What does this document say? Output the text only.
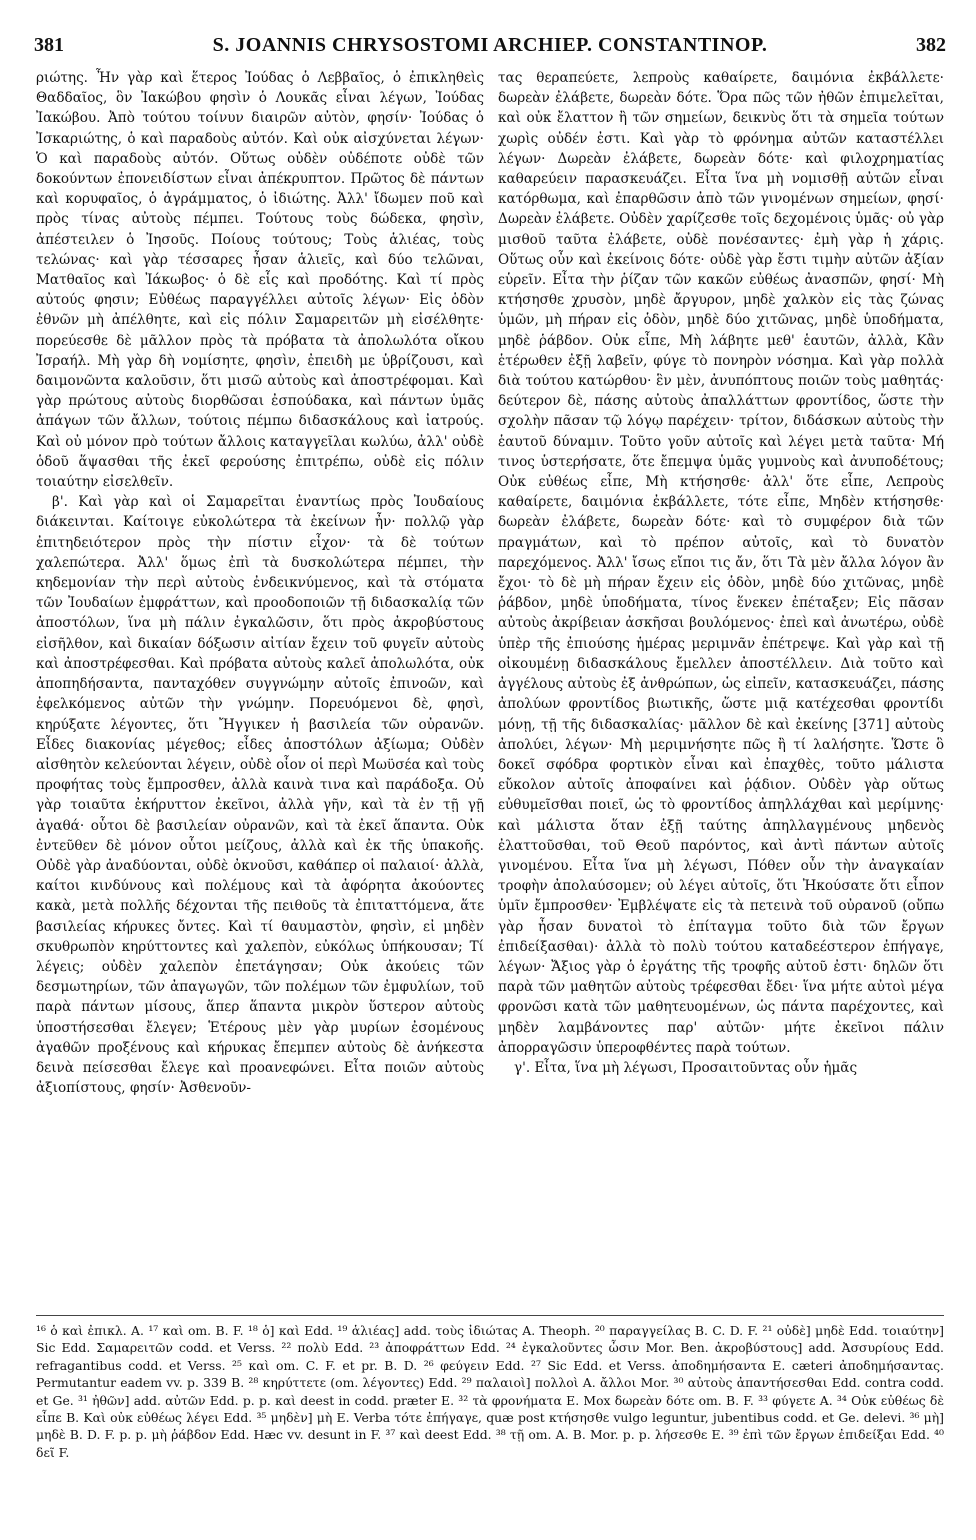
381	S. JOANNIS CHRYSOSTOMI ARCHIEP. CONSTANTINOP.	382

ριώτης. Ἦν γὰρ καὶ ἕτερος Ἰούδας ὁ Λεββαῖος, ὁ ἐπικληθεὶς Θαδδαῖος, ὃν Ἰακώβου φησὶν ὁ Λουκᾶς εἶναι λέγων, Ἰούδας Ἰακώβου. Ἀπὸ τούτου τοίνυν διαιρῶν αὐτὸν, φησίν· Ἰούδας ὁ Ἰσκαριώτης, ὁ καὶ παραδοὺς αὐτόν. Καὶ οὐκ αἰσχύνεται λέγων· Ὁ καὶ παραδοὺς αὐτόν. Οὕτως οὐδὲν οὐδέποτε οὐδὲ τῶν δοκούντων ἐπονειδίστων εἶναι ἀπέκρυπτον. Πρῶτος δὲ πάντων καὶ κορυφαῖος, ὁ ἀγράμματος, ὁ ἰδιώτης. Ἀλλ' ἴδωμεν ποῦ καὶ πρὸς τίνας αὐτοὺς πέμπει. Τούτους τοὺς δώδεκα, φησὶν, ἀπέστειλεν ὁ Ἰησοῦς. Ποίους τούτους; Τοὺς ἁλιέας, τοὺς τελώνας· καὶ γὰρ τέσσαρες ἦσαν ἁλιεῖς, καὶ δύο τελῶναι, Ματθαῖος καὶ Ἰάκωβος· ὁ δὲ εἷς καὶ προδότης. Καὶ τί πρὸς αὐτούς φησιν; Εὐθέως παραγγέλλει αὐτοῖς λέγων· Εἰς ὁδὸν ἐθνῶν μὴ ἀπέλθητε, καὶ εἰς πόλιν Σαμαρειτῶν μὴ εἰσέλθητε· πορεύεσθε δὲ μᾶλλον πρὸς τὰ πρόβατα τὰ ἀπολωλότα οἴκου Ἰσραήλ. Μὴ γὰρ δὴ νομίσητε, φησὶν, ἐπειδὴ με ὑβρίζουσι, καὶ δαιμονῶντα καλοῦσιν, ὅτι μισῶ αὐτοὺς καὶ ἀποστρέφομαι. Καὶ γὰρ πρώτους αὐτοὺς διορθῶσαι ἐσπούδακα, καὶ πάντων ὑμᾶς ἀπάγων τῶν ἄλλων, τούτοις πέμπω διδασκάλους καὶ ἰατρούς. Καὶ οὐ μόνον πρὸ τούτων ἄλλοις καταγγεῖλαι κωλύω, ἀλλ' οὐδὲ ὁδοῦ ἅψασθαι τῆς ἐκεῖ φερούσης ἐπιτρέπω, οὐδὲ εἰς πόλιν τοιαύτην εἰσελθεῖν.

β'. Καὶ γὰρ καὶ οἱ Σαμαρεῖται ἐναντίως πρὸς Ἰουδαίους διάκεινται. Καίτοιγε εὐκολώτερα τὰ ἐκείνων ἦν· πολλῷ γὰρ ἐπιτηδειότερον πρὸς τὴν πίστιν εἶχον· τὰ δὲ τούτων χαλεπώτερα. Ἀλλ' ὅμως ἐπὶ τὰ δυσκολώτερα πέμπει, τὴν κηδεμονίαν τὴν περὶ αὐτοὺς ἐνδεικνύμενος, καὶ τὰ στόματα τῶν Ἰουδαίων ἐμφράττων, καὶ προοδοποιῶν τῇ διδασκαλίᾳ τῶν ἀποστόλων, ἵνα μὴ πάλιν ἐγκαλῶσιν, ὅτι πρὸς ἀκροβύστους εἰσῆλθον, καὶ δικαίαν δόξωσιν αἰτίαν ἔχειν τοῦ φυγεῖν αὐτοὺς καὶ ἀποστρέφεσθαι. Καὶ πρόβατα αὐτοὺς καλεῖ ἀπολωλότα, οὐκ ἀποπηδήσαντα, πανταχόθεν συγγνώμην αὐτοῖς ἐπινοῶν, καὶ ἐφελκόμενος αὐτῶν τὴν γνώμην. Πορευόμενοι δὲ, φησὶ, κηρύξατε λέγοντες, ὅτι Ἤγγικεν ἡ βασιλεία τῶν οὐρανῶν. Εἶδες διακονίας μέγεθος; εἶδες ἀποστόλων ἀξίωμα; Οὐδὲν αἰσθητὸν κελεύονται λέγειν, οὐδὲ οἷον οἱ περὶ Μωϋσέα καὶ τοὺς προφήτας τοὺς ἔμπροσθεν, ἀλλὰ καινὰ τινα καὶ παράδοξα. Οὐ γὰρ τοιαῦτα ἐκήρυττον ἐκεῖνοι, ἀλλὰ γῆν, καὶ τὰ ἐν τῇ γῇ ἀγαθά· οὗτοι δὲ βασιλείαν οὐρανῶν, καὶ τὰ ἐκεῖ ἅπαντα. Οὐκ ἐντεῦθεν δὲ μόνον οὗτοι μείζους, ἀλλὰ καὶ ἐκ τῆς ὑπακοῆς. Οὐδὲ γὰρ ἀναδύονται, οὐδὲ ὀκνοῦσι, καθάπερ οἱ παλαιοί· ἀλλὰ, καίτοι κινδύνους καὶ πολέμους καὶ τὰ ἀφόρητα ἀκούοντες κακὰ, μετὰ πολλῆς δέχονται τῆς πειθοῦς τὰ ἐπιταττόμενα, ἅτε βασιλείας κήρυκες ὄντες. Καὶ τί θαυμαστὸν, φησὶν, εἰ μηδὲν σκυθρωπὸν κηρύττοντες καὶ χαλεπὸν, εὐκόλως ὑπήκουσαν; Τί λέγεις; οὐδὲν χαλεπὸν ἐπετάγησαν; Οὐκ ἀκούεις τῶν δεσμωτηρίων, τῶν ἀπαγωγῶν, τῶν πολέμων τῶν ἐμφυλίων, τοῦ παρὰ πάντων μίσους, ἅπερ ἅπαντα μικρὸν ὕστερον αὐτοὺς ὑποστήσεσθαι ἔλεγεν; Ἑτέρους μὲν γὰρ μυρίων ἐσομένους ἀγαθῶν προξένους καὶ κήρυκας ἔπεμπεν αὐτοὺς δὲ ἀνήκεστα δεινὰ πείσεσθαι ἔλεγε καὶ προανεφώνει. Εἶτα ποιῶν αὐτοὺς ἀξιοπίστους, φησίν· Ἀσθενοῦν-

τας θεραπεύετε, λεπροὺς καθαίρετε, δαιμόνια ἐκβάλλετε· δωρεὰν ἐλάβετε, δωρεὰν δότε. Ὅρα πῶς τῶν ἠθῶν ἐπιμελεῖται, καὶ οὐκ ἔλαττον ἢ τῶν σημείων, δεικνὺς ὅτι τὰ σημεῖα τούτων χωρὶς οὐδέν ἐστι. Καὶ γὰρ τὸ φρόνημα αὐτῶν καταστέλλει λέγων· Δωρεὰν ἐλάβετε, δωρεὰν δότε· καὶ φιλοχρηματίας καθαρεύειν παρασκευάζει. Εἶτα ἵνα μὴ νομισθῇ αὐτῶν εἶναι κατόρθωμα, καὶ ἐπαρθῶσιν ἀπὸ τῶν γινομένων σημείων, φησί· Δωρεὰν ἐλάβετε. Οὐδὲν χαρίζεσθε τοῖς δεχομένοις ὑμᾶς· οὐ γὰρ μισθοῦ ταῦτα ἐλάβετε, οὐδὲ πονέσαντες· ἐμὴ γὰρ ἡ χάρις. Οὕτως οὖν καὶ ἐκείνοις δότε· οὐδὲ γὰρ ἔστι τιμὴν αὐτῶν ἀξίαν εὑρεῖν. Εἶτα τὴν ῥίζαν τῶν κακῶν εὐθέως ἀνασπῶν, φησί· Μὴ κτήσησθε χρυσὸν, μηδὲ ἄργυρον, μηδὲ χαλκὸν εἰς τὰς ζώνας ὑμῶν, μὴ πήραν εἰς ὁδὸν, μηδὲ δύο χιτῶνας, μηδὲ ὑποδήματα, μηδὲ ῥάβδον. Οὐκ εἶπε, Μὴ λάβητε μεθ' ἑαυτῶν, ἀλλὰ, Κἂν ἑτέρωθεν ἐξῇ λαβεῖν, φύγε τὸ πονηρὸν νόσημα. Καὶ γὰρ πολλὰ διὰ τούτου κατώρθου· ἓν μὲν, ἀνυπόπτους ποιῶν τοὺς μαθητάς· δεύτερον δὲ, πάσης αὐτοὺς ἀπαλλάττων φροντίδος, ὥστε τὴν σχολὴν πᾶσαν τῷ λόγῳ παρέχειν· τρίτον, διδάσκων αὐτοὺς τὴν ἑαυτοῦ δύναμιν. Τοῦτο γοῦν αὐτοῖς καὶ λέγει μετὰ ταῦτα· Μή τινος ὑστερήσατε, ὅτε ἔπεμψα ὑμᾶς γυμνοὺς καὶ ἀνυποδέτους; Οὐκ εὐθέως εἶπε, Μὴ κτήσησθε· ἀλλ' ὅτε εἶπε, Λεπροὺς καθαίρετε, δαιμόνια ἐκβάλλετε, τότε εἶπε, Μηδὲν κτήσησθε· δωρεὰν ἐλάβετε, δωρεὰν δότε· καὶ τὸ συμφέρον διὰ τῶν πραγμάτων, καὶ τὸ πρέπον αὐτοῖς, καὶ τὸ δυνατὸν παρεχόμενος. Ἀλλ' ἴσως εἴποι τις ἄν, ὅτι Τὰ μὲν ἄλλα λόγον ἂν ἔχοι· τὸ δὲ μὴ πήραν ἔχειν εἰς ὁδὸν, μηδὲ δύο χιτῶνας, μηδὲ ῥάβδον, μηδὲ ὑποδήματα, τίνος ἕνεκεν ἐπέταξεν; Εἰς πᾶσαν αὐτοὺς ἀκρίβειαν ἀσκῆσαι βουλόμενος· ἐπεὶ καὶ ἀνωτέρω, οὐδὲ ὑπὲρ τῆς ἐπιούσης ἡμέρας μεριμνᾶν ἐπέτρεψε. Καὶ γὰρ καὶ τῇ οἰκουμένῃ διδασκάλους ἔμελλεν ἀποστέλλειν. Διὰ τοῦτο καὶ ἀγγέλους αὐτοὺς ἐξ ἀνθρώπων, ὡς εἰπεῖν, κατασκευάζει, πάσης ἀπολύων φροντίδος βιωτικῆς, ὥστε μιᾷ κατέχεσθαι φροντίδι μόνῃ, τῇ τῆς διδασκαλίας· μᾶλλον δὲ καὶ ἐκείνης [371] αὐτοὺς ἀπολύει, λέγων· Μὴ μεριμνήσητε πῶς ἢ τί λαλήσητε. Ὥστε ὃ δοκεῖ σφόδρα φορτικὸν εἶναι καὶ ἐπαχθὲς, τοῦτο μάλιστα εὔκολον αὐτοῖς ἀποφαίνει καὶ ῥᾴδιον. Οὐδὲν γὰρ οὕτως εὐθυμεῖσθαι ποιεῖ, ὡς τὸ φροντίδος ἀπηλλάχθαι καὶ μερίμνης· καὶ μάλιστα ὅταν ἐξῇ ταύτης ἀπηλλαγμένους μηδενὸς ἐλαττοῦσθαι, τοῦ Θεοῦ παρόντος, καὶ ἀντὶ πάντων αὐτοῖς γινομένου. Εἶτα ἵνα μὴ λέγωσι, Πόθεν οὖν τὴν ἀναγκαίαν τροφὴν ἀπολαύσομεν; οὐ λέγει αὐτοῖς, ὅτι Ἠκούσατε ὅτι εἶπον ὑμῖν ἔμπροσθεν· Ἐμβλέψατε εἰς τὰ πετεινὰ τοῦ οὐρανοῦ (οὔπω γὰρ ἦσαν δυνατοὶ τὸ ἐπίταγμα τοῦτο διὰ τῶν ἔργων ἐπιδείξασθαι)· ἀλλὰ τὸ πολὺ τούτου καταδεέστερον ἐπήγαγε, λέγων· Ἄξιος γὰρ ὁ ἐργάτης τῆς τροφῆς αὐτοῦ ἐστι· δηλῶν ὅτι παρὰ τῶν μαθητῶν αὐτοὺς τρέφεσθαι ἔδει· ἵνα μήτε αὐτοὶ μέγα φρονῶσι κατὰ τῶν μαθητευομένων, ὡς πάντα παρέχοντες, καὶ μηδὲν λαμβάνοντες παρ' αὐτῶν· μήτε ἐκεῖνοι πάλιν ἀπορραγῶσιν ὑπεροφθέντες παρὰ τούτων.

γ'. Εἶτα, ἵνα μὴ λέγωσι, Προσαιτοῦντας οὖν ἡμᾶς

¹⁶ ὁ καὶ ἐπικλ. A. ¹⁷ καὶ om. B. F. ¹⁸ ὁ] καὶ Edd. ¹⁹ ἁλιέας] add. τοὺς ἰδιώτας A. Theoph. ²⁰ παραγγείλας B. C. D. F. ²¹ οὐδὲ] μηδὲ Edd. τοιαύτην] Sic Edd. Σαμαρειτῶν codd. et Verss. ²² πολὺ Edd. ²³ ἀποφράττων Edd. ²⁴ ἐγκαλοῦντες ὦσιν Mor. Ben. ἀκροβύστους] add. Ἀσσυρίους Edd. refragantibus codd. et Verss. ²⁵ καὶ om. C. F. et pr. B. D. ²⁶ φεύγειν Edd. ²⁷ Sic Edd. et Verss. ἀποδημήσαντα E. cæteri ἀποδημήσαντας. Permutantur eadem vv. p. 339 B. ²⁸ κηρύττετε (om. λέγοντες) Edd. ²⁹ παλαιοὶ] πολλοὶ A. ἄλλοι Mor. ³⁰ αὐτοὺς ἀπαντήσεσθαι Edd. contra codd. et Ge. ³¹ ἠθῶν] add. αὐτῶν Edd. p. p. καὶ deest in codd. præter E. ³² τὰ φρονήματα E. Mox δωρεὰν δότε om. B. F. ³³ φύγετε A. ³⁴ Οὐκ εὐθέως δὲ εἶπε B. Καὶ οὐκ εὐθέως λέγει Edd. ³⁵ μηδὲν] μὴ E. Verba τότε ἐπήγαγε, quæ post κτήσησθε vulgo leguntur, jubentibus codd. et Ge. delevi. ³⁶ μὴ] μηδὲ B. D. F. p. p. μὴ ῥάβδον Edd. Hæc vv. desunt in F. ³⁷ καὶ deest Edd. ³⁸ τῇ om. A. B. Mor. p. p. λήσεσθε E. ³⁹ ἐπὶ τῶν ἔργων ἐπιδείξαι Edd. ⁴⁰ δεῖ F.
